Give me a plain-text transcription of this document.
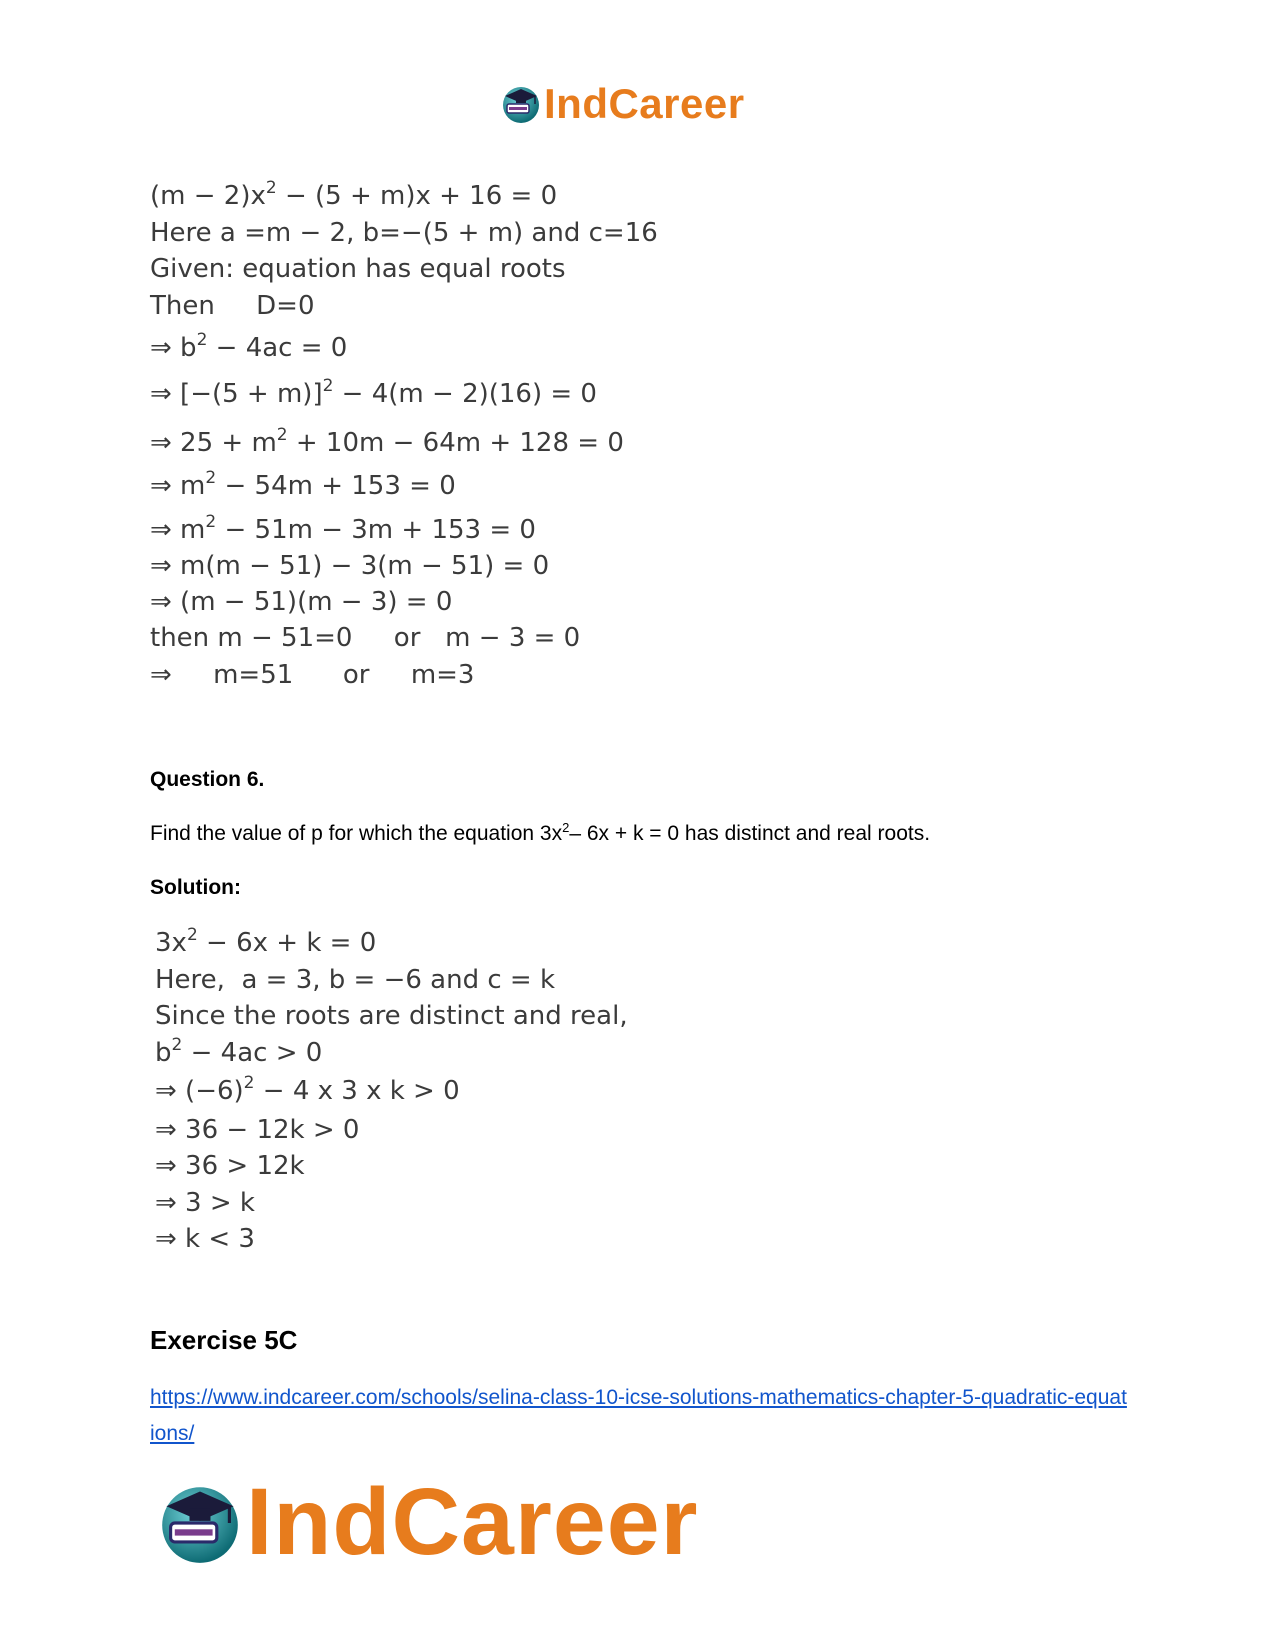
IndCareer
$(m - 2)x^2 - (5 + m)x + 16 = 0$
Here a =m − 2, b=−(5 + m) and c=16
Given: equation has equal roots
Then     D=0
⇒ $b^2 - 4ac = 0$
⇒ $[-(5 + m)]^2 - 4(m - 2)(16) = 0$
⇒ $25 + m^2 + 10m - 64m + 128 = 0$
⇒ $m^2 - 54m + 153 = 0$
⇒ $m^2 - 51m - 3m + 153 = 0$
⇒ m(m − 51) − 3(m − 51) = 0
⇒ (m − 51)(m − 3) = 0
then m − 51=0     or   m − 3 = 0
⇒     m=51      or     m=3
Question 6.
Find the value of p for which the equation $3x^2-$ 6x + k = 0 has distinct and real roots.
Solution:
$3x^2 - 6x + k = 0$
Here,  a = 3, b = −6 and c = k
Since the roots are distinct and real,
$b^2 - 4ac > 0$
⇒ $(-6)^2 - 4$ x 3 x k > 0
⇒ 36 − 12k > 0
⇒ 36 > 12k
⇒ 3 > k
⇒ k < 3
Exercise 5C
https://www.indcareer.com/schools/selina-class-10-icse-solutions-mathematics-chapter-5-quadratic-equations/
IndCareer
